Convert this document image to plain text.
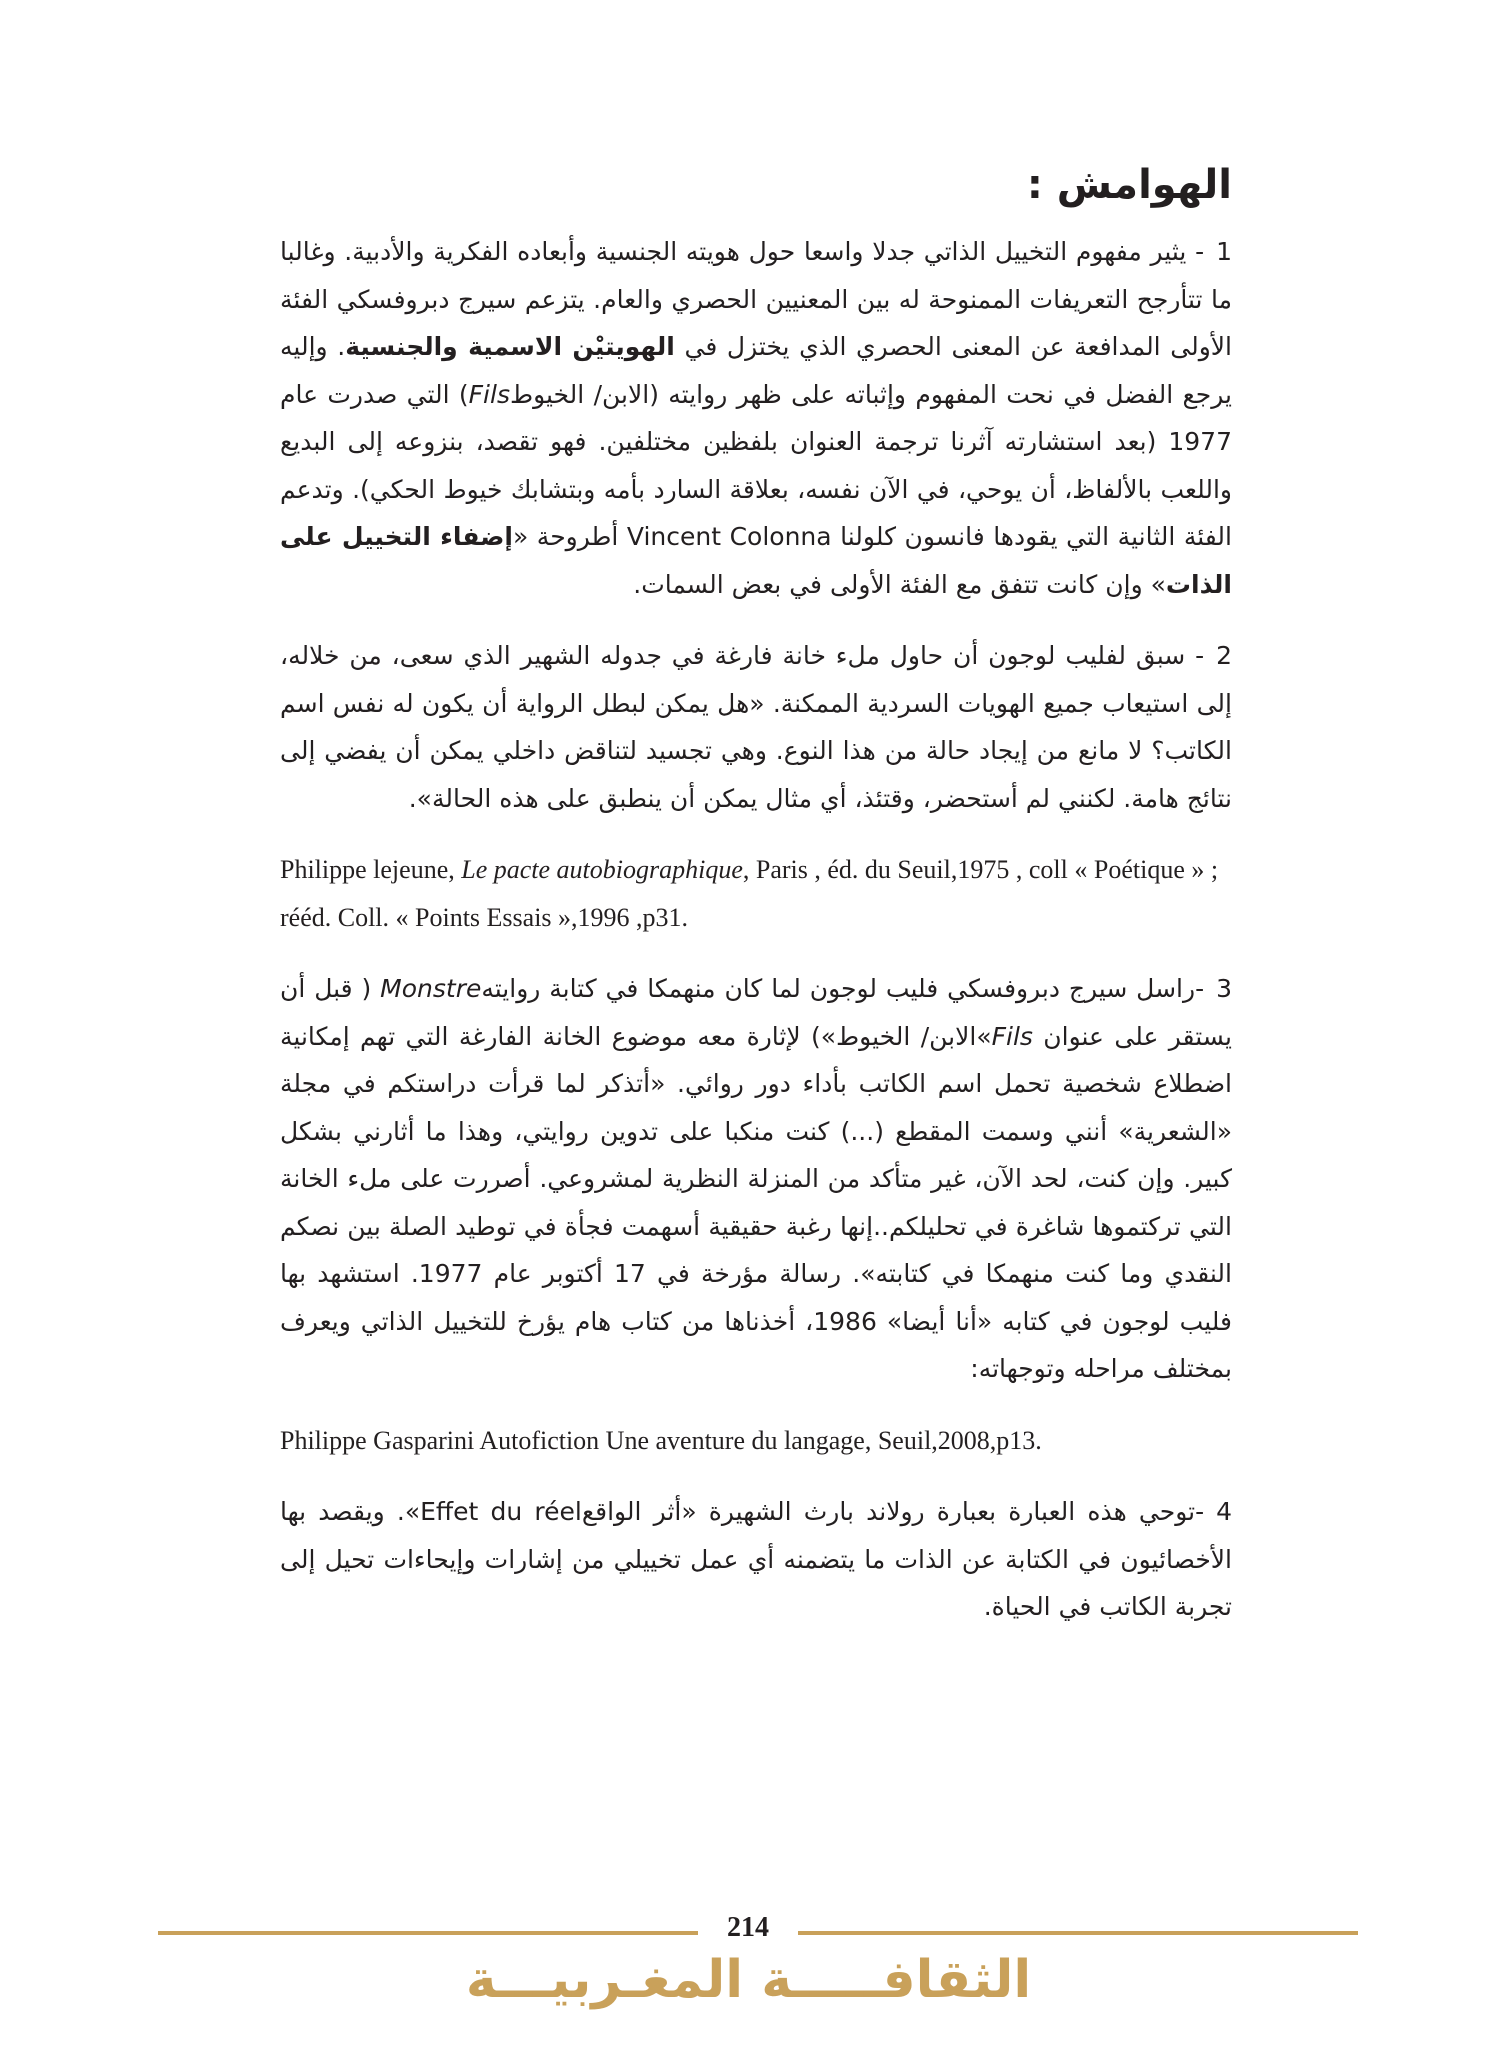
الهوامش :

1- يثير مفهوم التخييل الذاتي جدلا واسعا حول هويته الجنسية وأبعاده الفكرية والأدبية. وغالبا ما تتأرجح التعريفات الممنوحة له بين المعنيين الحصري والعام. يتزعم سيرج دبروفسكي الفئة الأولى المدافعة عن المعنى الحصري الذي يختزل في الهويتيْن الاسمية والجنسية. وإليه يرجع الفضل في نحت المفهوم وإثباته على ظهر روايته (الابن/ الخيوطFils) التي صدرت عام 1977 (بعد استشارته آثرنا ترجمة العنوان بلفظين مختلفين. فهو تقصد، بنزوعه إلى البديع واللعب بالألفاظ، أن يوحي، في الآن نفسه، بعلاقة السارد بأمه وبتشابك خيوط الحكي). وتدعم الفئة الثانية التي يقودها فانسون كلولنا Vincent Colonna أطروحة «إضفاء التخييل على الذات» وإن كانت تتفق مع الفئة الأولى في بعض السمات.

2- سبق لفليب لوجون أن حاول ملء خانة فارغة في جدوله الشهير الذي سعى، من خلاله، إلى استيعاب جميع الهويات السردية الممكنة. «هل يمكن لبطل الرواية أن يكون له نفس اسم الكاتب؟ لا مانع من إيجاد حالة من هذا النوع. وهي تجسيد لتناقض داخلي يمكن أن يفضي إلى نتائج هامة. لكنني لم أستحضر، وقتئذ، أي مثال يمكن أن ينطبق على هذه الحالة».

Philippe lejeune, Le pacte autobiographique, Paris , éd. du Seuil,1975 , coll « Poétique » ; rééd. Coll. « Points Essais »,1996 ,p31.

3-راسل سيرج دبروفسكي فليب لوجون لما كان منهمكا في كتابة روايتهMonstre ( قبل أن يستقر على عنوان Fils»الابن/ الخيوط») لإثارة معه موضوع الخانة الفارغة التي تهم إمكانية اضطلاع شخصية تحمل اسم الكاتب بأداء دور روائي. «أتذكر لما قرأت دراستكم في مجلة «الشعرية» أنني وسمت المقطع (...) كنت منكبا على تدوين روايتي، وهذا ما أثارني بشكل كبير. وإن كنت، لحد الآن، غير متأكد من المنزلة النظرية لمشروعي. أصررت على ملء الخانة التي تركتموها شاغرة في تحليلكم..إنها رغبة حقيقية أسهمت فجأة في توطيد الصلة بين نصكم النقدي وما كنت منهمكا في كتابته». رسالة مؤرخة في 17 أكتوبر عام 1977. استشهد بها فليب لوجون في كتابه «أنا أيضا» 1986، أخذناها من كتاب هام يؤرخ للتخييل الذاتي ويعرف بمختلف مراحله وتوجهاته:

Philippe Gasparini Autofiction Une aventure du langage, Seuil,2008,p13.

4-توحي هذه العبارة بعبارة رولاند بارث الشهيرة «أثر الواقعEffet du réel». ويقصد بها الأخصائيون في الكتابة عن الذات ما يتضمنه أي عمل تخييلي من إشارات وإيحاءات تحيل إلى تجربة الكاتب في الحياة.

214
الثقافـــــة المغـربيـــة
